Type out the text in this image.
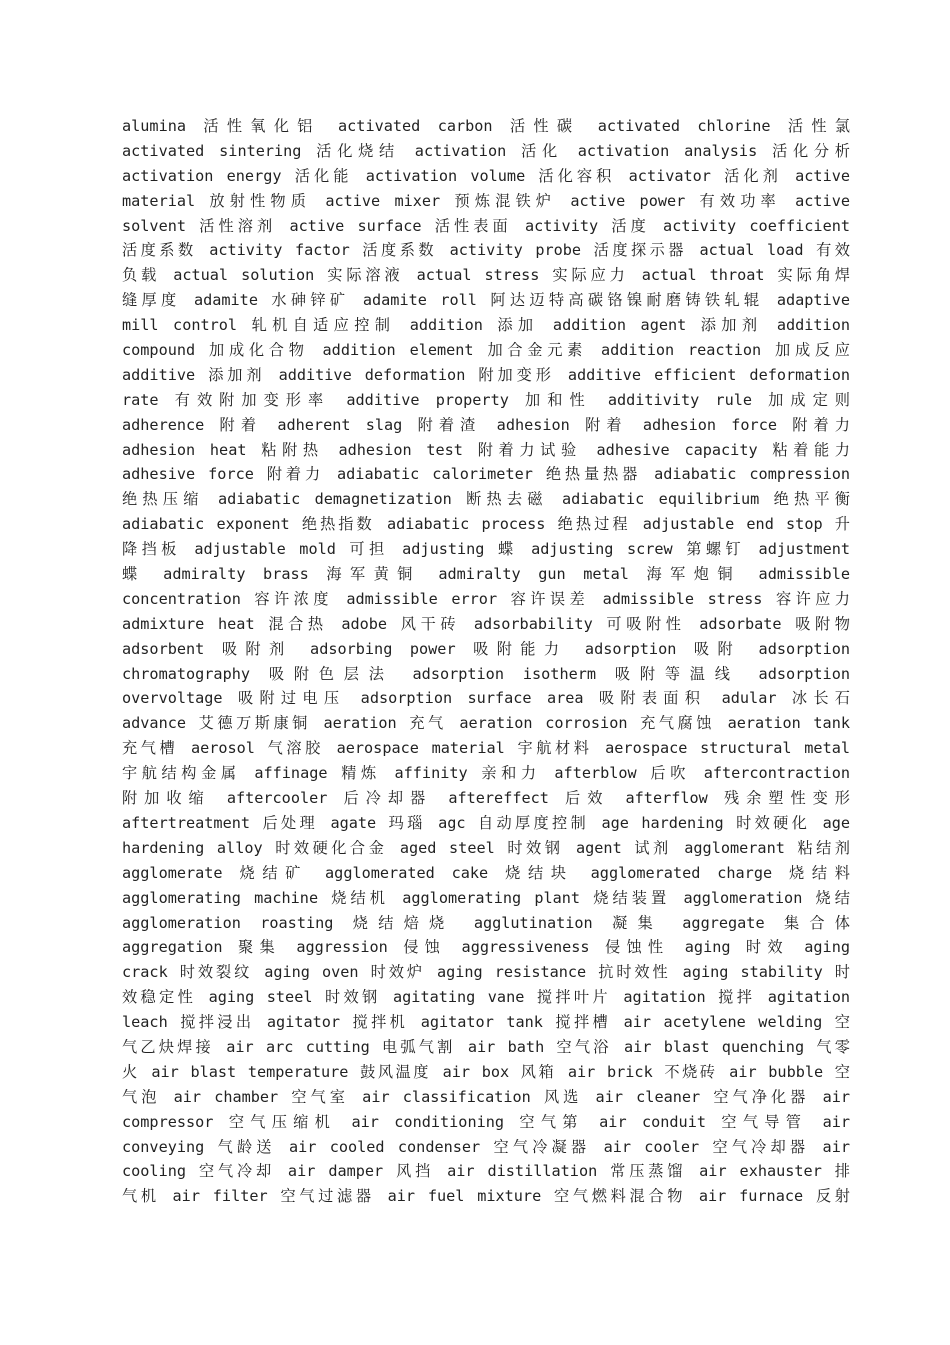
alumina 活性氧化铝 activated carbon 活性碳 activated chlorine 活性氯
activated sintering 活化烧结 activation 活化 activation analysis 活化分析
activation energy 活化能 activation volume 活化容积 activator 活化剂 active
material 放射性物质 active mixer 预炼混铁炉 active power 有效功率 active
solvent 活性溶剂 active surface 活性表面 activity 活度 activity coefficient
活度系数 activity factor 活度系数 activity probe 活度探示器 actual load 有效
负载 actual solution 实际溶液 actual stress 实际应力 actual throat 实际角焊
缝厚度 adamite 水砷锌矿 adamite roll 阿达迈特高碳铬镍耐磨铸铁轧辊 adaptive
mill control 轧机自适应控制 addition 添加 addition agent 添加剂 addition
compound 加成化合物 addition element 加合金元素 addition reaction 加成反应
additive 添加剂 additive deformation 附加变形 additive efficient deformation
rate 有效附加变形率 additive property 加和性 additivity rule 加成定则
adherence 附着 adherent slag 附着渣 adhesion 附着 adhesion force 附着力
adhesion heat 粘附热 adhesion test 附着力试验 adhesive capacity 粘着能力
adhesive force 附着力 adiabatic calorimeter 绝热量热器 adiabatic compression
绝热压缩 adiabatic demagnetization 断热去磁 adiabatic equilibrium 绝热平衡
adiabatic exponent 绝热指数 adiabatic process 绝热过程 adjustable end stop 升
降挡板 adjustable mold 可担 adjusting 蝶 adjusting screw 第螺钉 adjustment
蝶 admiralty brass 海军黄铜 admiralty gun metal 海军炮铜 admissible
concentration 容许浓度 admissible error 容许误差 admissible stress 容许应力
admixture heat 混合热 adobe 风干砖 adsorbability 可吸附性 adsorbate 吸附物
adsorbent 吸附剂 adsorbing power 吸附能力 adsorption 吸附 adsorption
chromatography 吸附色层法 adsorption isotherm 吸附等温线 adsorption
overvoltage 吸附过电压 adsorption surface area 吸附表面积 adular 冰长石
advance 艾德万斯康铜 aeration 充气 aeration corrosion 充气腐蚀 aeration tank
充气槽 aerosol 气溶胶 aerospace material 宇航材料 aerospace structural metal
宇航结构金属 affinage 精炼 affinity 亲和力 afterblow 后吹 aftercontraction
附加收缩 aftercooler 后冷却器 aftereffect 后效 afterflow 残余塑性变形
aftertreatment 后处理 agate 玛瑙 agc 自动厚度控制 age hardening 时效硬化 age
hardening alloy 时效硬化合金 aged steel 时效钢 agent 试剂 agglomerant 粘结剂
agglomerate 烧结矿 agglomerated cake 烧结块 agglomerated charge 烧结料
agglomerating machine 烧结机 agglomerating plant 烧结装置 agglomeration 烧结
agglomeration roasting 烧结焙烧 agglutination 凝集 aggregate 集合体
aggregation 聚集 aggression 侵蚀 aggressiveness 侵蚀性 aging 时效 aging
crack 时效裂纹 aging oven 时效炉 aging resistance 抗时效性 aging stability 时
效稳定性 aging steel 时效钢 agitating vane 搅拌叶片 agitation 搅拌 agitation
leach 搅拌浸出 agitator 搅拌机 agitator tank 搅拌槽 air acetylene welding 空
气乙炔焊接 air arc cutting 电弧气割 air bath 空气浴 air blast quenching 气零
火 air blast temperature 鼓风温度 air box 风箱 air brick 不烧砖 air bubble 空
气泡 air chamber 空气室 air classification 风选 air cleaner 空气净化器 air
compressor 空气压缩机 air conditioning 空气第 air conduit 空气导管 air
conveying 气龄送 air cooled condenser 空气冷凝器 air cooler 空气冷却器 air
cooling 空气冷却 air damper 风挡 air distillation 常压蒸馏 air exhauster 排
气机 air filter 空气过滤器 air fuel mixture 空气燃料混合物 air furnace 反射
